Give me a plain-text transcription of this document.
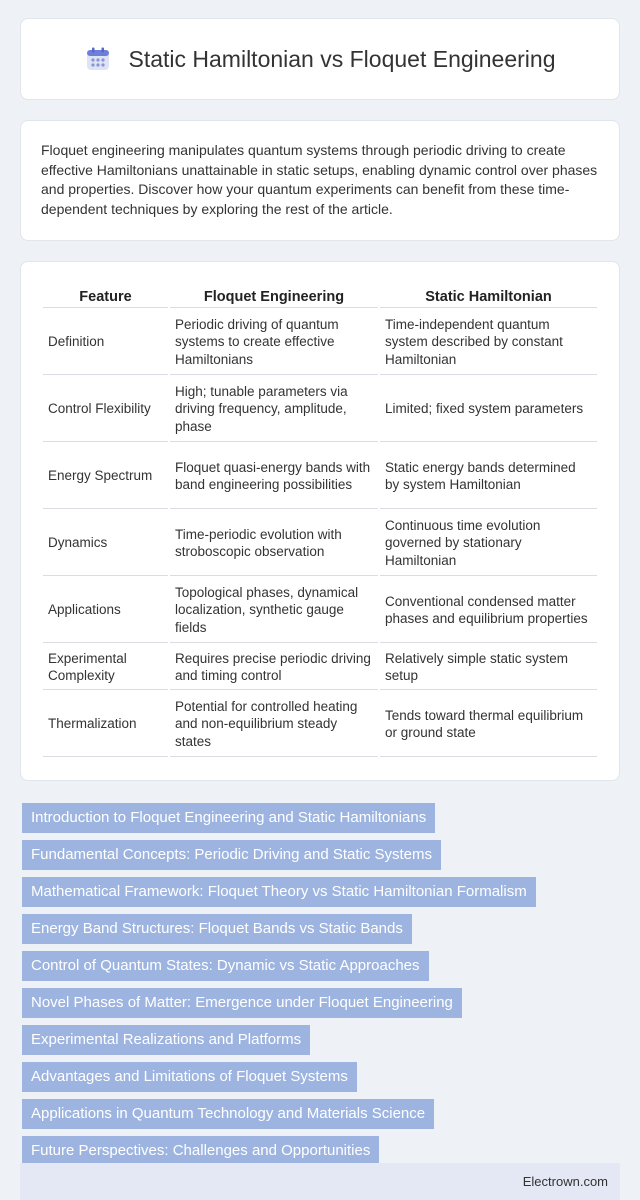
Static Hamiltonian vs Floquet Engineering

Floquet engineering manipulates quantum systems through periodic driving to create effective Hamiltonians unattainable in static setups, enabling dynamic control over phases and properties. Discover how your quantum experiments can benefit from these time-dependent techniques by exploring the rest of the article.

Feature	Floquet Engineering	Static Hamiltonian
Definition	Periodic driving of quantum systems to create effective Hamiltonians	Time-independent quantum system described by constant Hamiltonian
Control Flexibility	High; tunable parameters via driving frequency, amplitude, phase	Limited; fixed system parameters
Energy Spectrum	Floquet quasi-energy bands with band engineering possibilities	Static energy bands determined by system Hamiltonian
Dynamics	Time-periodic evolution with stroboscopic observation	Continuous time evolution governed by stationary Hamiltonian
Applications	Topological phases, dynamical localization, synthetic gauge fields	Conventional condensed matter phases and equilibrium properties
Experimental Complexity	Requires precise periodic driving and timing control	Relatively simple static system setup
Thermalization	Potential for controlled heating and non-equilibrium steady states	Tends toward thermal equilibrium or ground state
Introduction to Floquet Engineering and Static Hamiltonians
Fundamental Concepts: Periodic Driving and Static Systems
Mathematical Framework: Floquet Theory vs Static Hamiltonian Formalism
Energy Band Structures: Floquet Bands vs Static Bands
Control of Quantum States: Dynamic vs Static Approaches
Novel Phases of Matter: Emergence under Floquet Engineering
Experimental Realizations and Platforms
Advantages and Limitations of Floquet Systems
Applications in Quantum Technology and Materials Science
Future Perspectives: Challenges and Opportunities
Electrown.com
